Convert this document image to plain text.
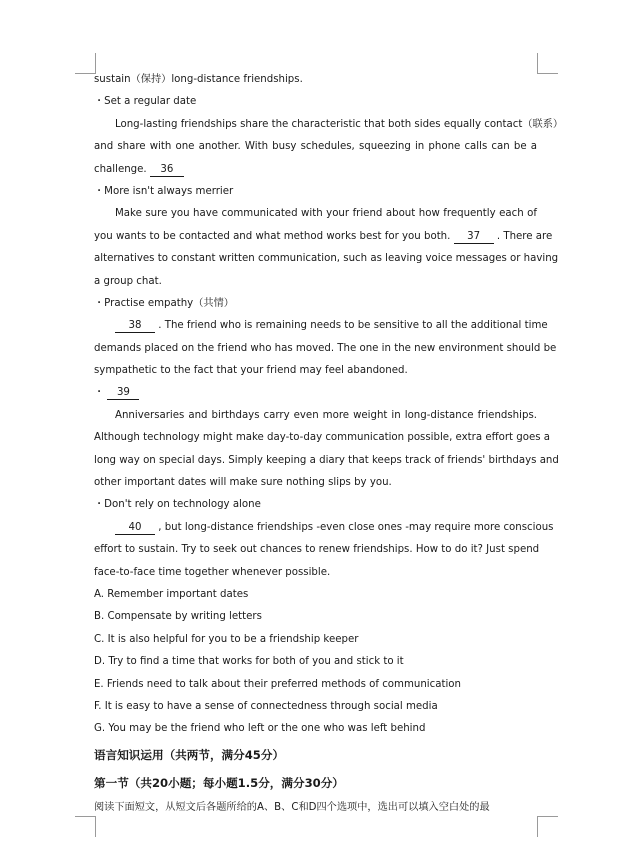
sustain（保持）long-distance friendships.
・Set a regular date
Long-lasting friendships share the characteristic that both sides equally contact（联系）
and share with one another. With busy schedules, squeezing in phone calls can be a
challenge. 36
・More isn't always merrier
Make sure you have communicated with your friend about how frequently each of
you wants to be contacted and what method works best for you both. 37 . There are
alternatives to constant written communication, such as leaving voice messages or having
a group chat.
・Practise empathy（共情）
38 . The friend who is remaining needs to be sensitive to all the additional time
demands placed on the friend who has moved. The one in the new environment should be
sympathetic to the fact that your friend may feel abandoned.
・ 39
Anniversaries and birthdays carry even more weight in long-distance friendships.
Although technology might make day-to-day communication possible, extra effort goes a
long way on special days. Simply keeping a diary that keeps track of friends' birthdays and
other important dates will make sure nothing slips by you.
・Don't rely on technology alone
40 , but long-distance friendships -even close ones -may require more conscious
effort to sustain. Try to seek out chances to renew friendships. How to do it? Just spend
face-to-face time together whenever possible.
A. Remember important dates
B. Compensate by writing letters
C. It is also helpful for you to be a friendship keeper
D. Try to find a time that works for both of you and stick to it
E. Friends need to talk about their preferred methods of communication
F. It is easy to have a sense of connectedness through social media
G. You may be the friend who left or the one who was left behind
语言知识运用（共两节，满分45分）
第一节（共20小题；每小题1.5分，满分30分）
阅读下面短文，从短文后各题所给的A、B、C和D四个选项中，选出可以填入空白处的最
